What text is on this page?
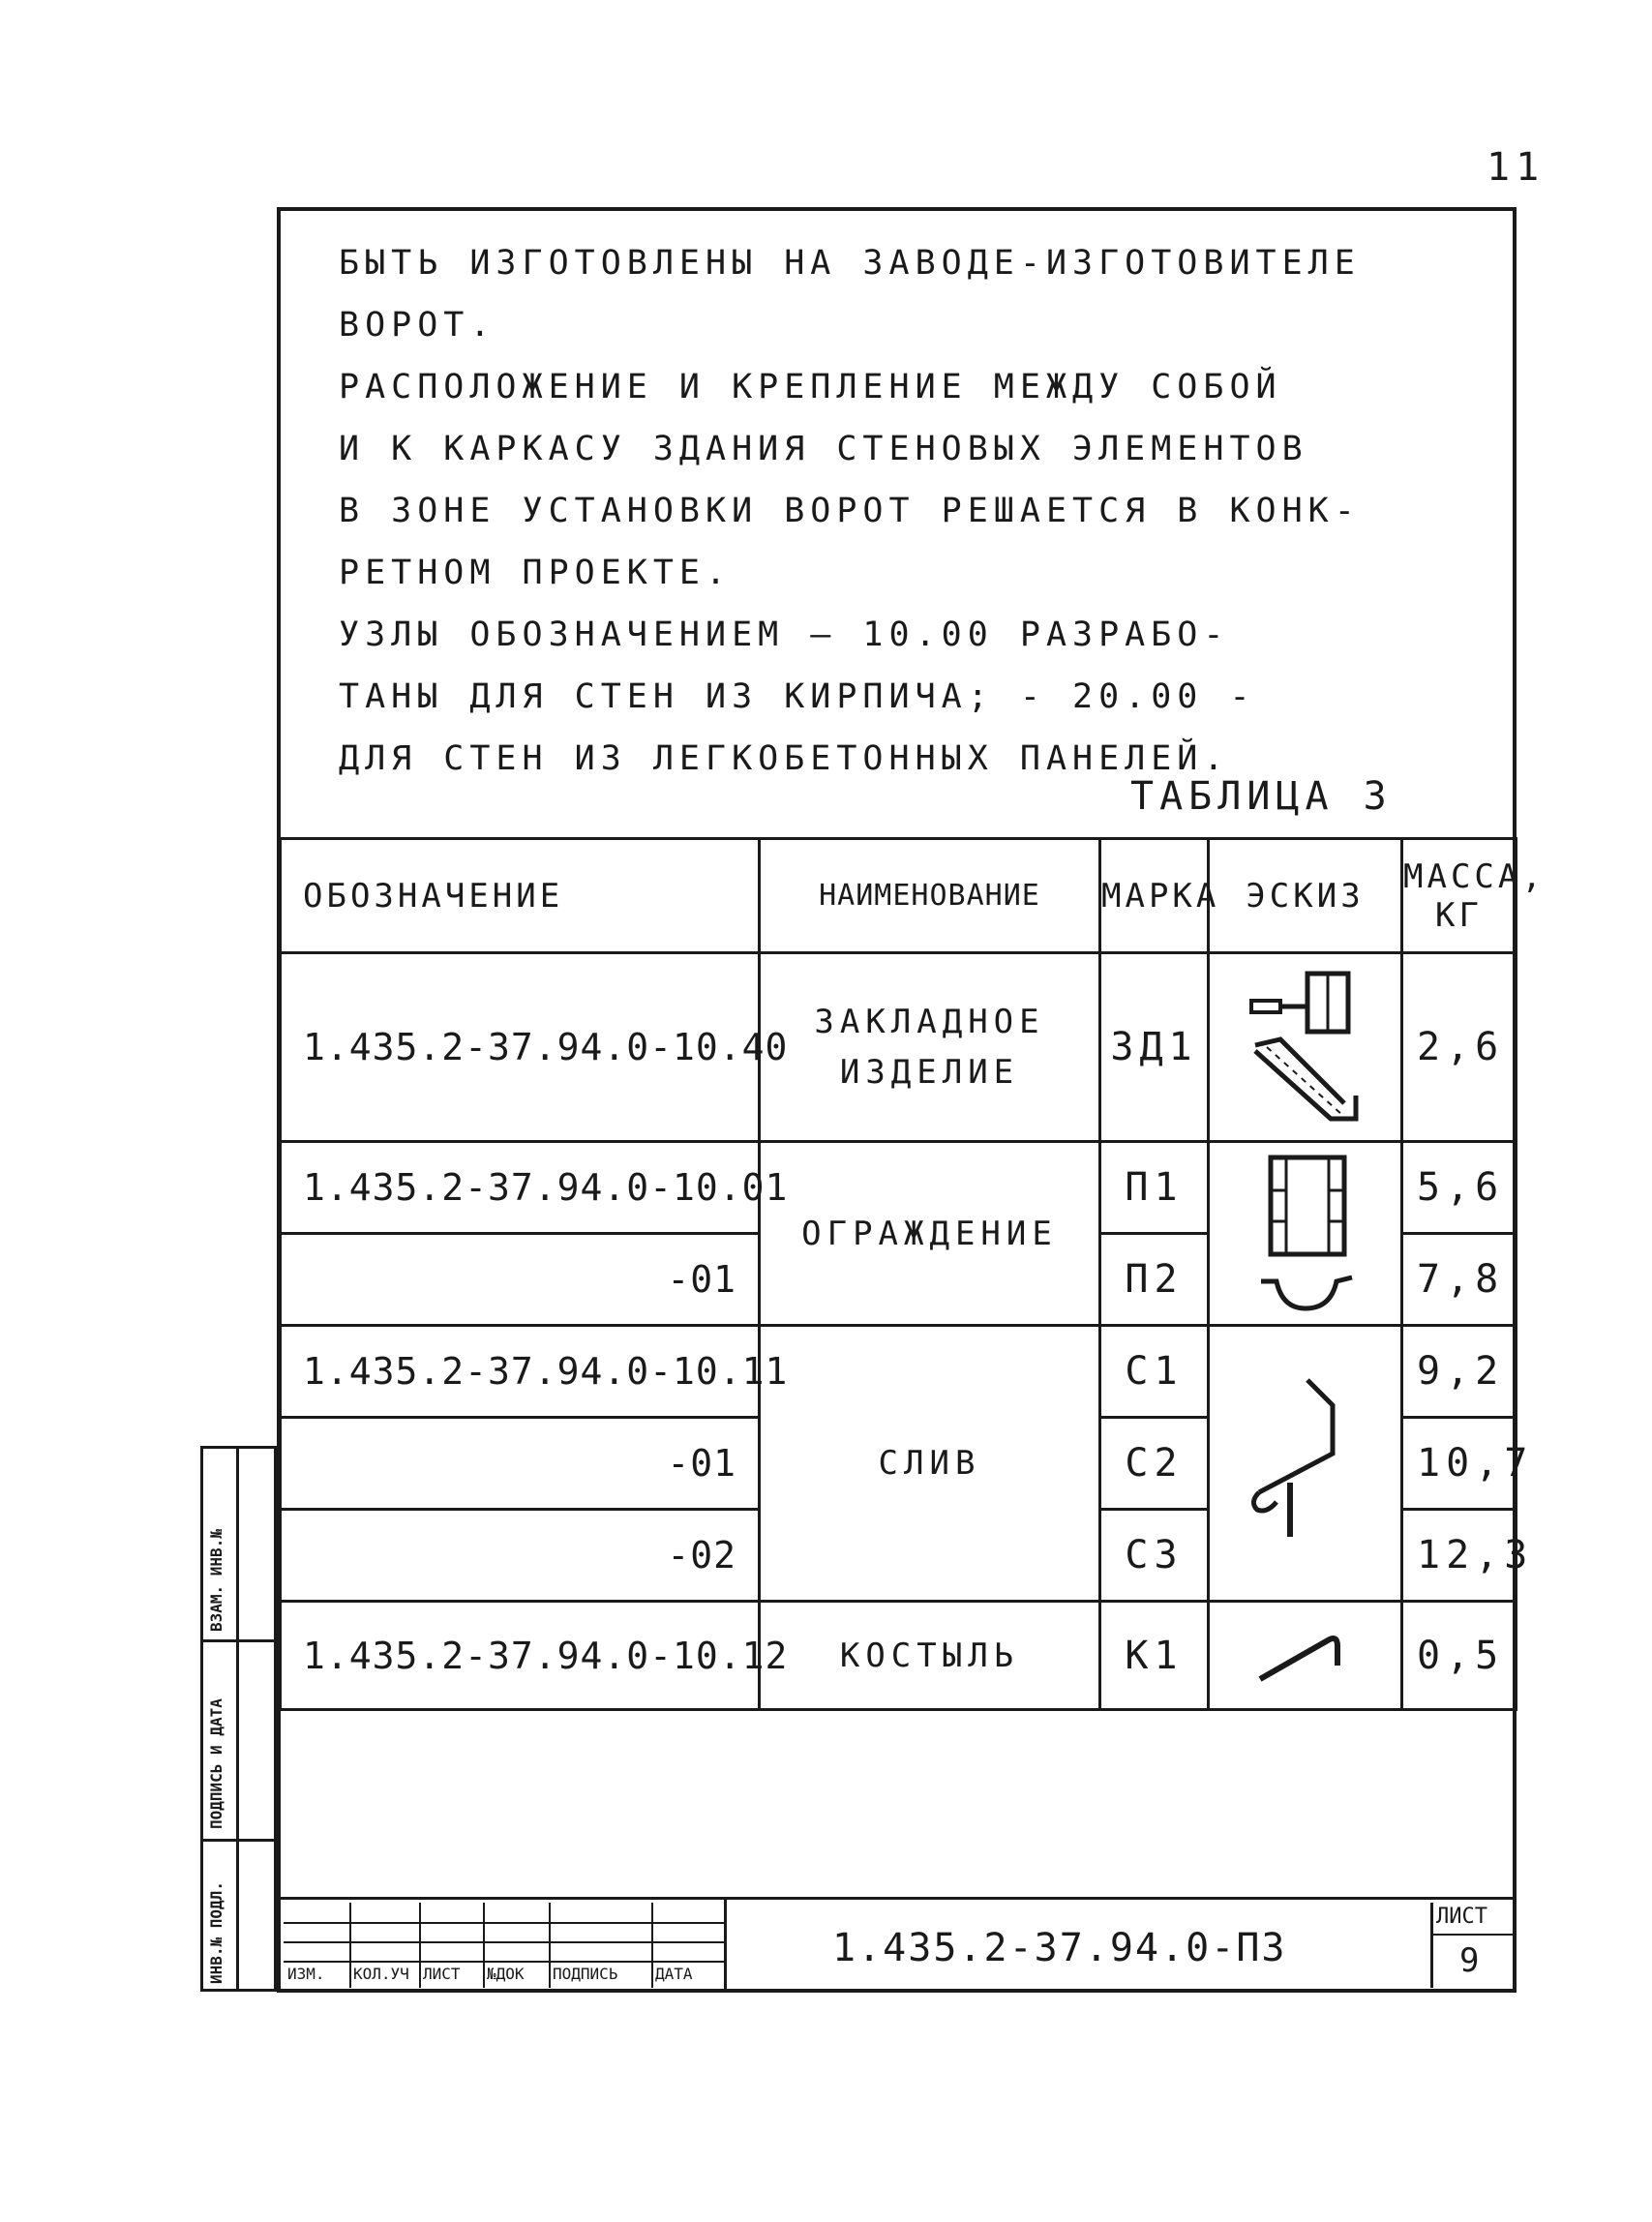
11
БЫТЬ ИЗГОТОВЛЕНЫ НА ЗАВОДЕ-ИЗГОТОВИТЕЛЕ
ВОРОТ.
РАСПОЛОЖЕНИЕ И КРЕПЛЕНИЕ МЕЖДУ СОБОЙ
И К КАРКАСУ ЗДАНИЯ СТЕНОВЫХ ЭЛЕМЕНТОВ
В ЗОНЕ УСТАНОВКИ ВОРОТ РЕШАЕТСЯ В КОНК-
РЕТНОМ ПРОЕКТЕ.
УЗЛЫ ОБОЗНАЧЕНИЕМ — 10.00 РАЗРАБО-
ТАНЫ ДЛЯ СТЕН ИЗ КИРПИЧА; - 20.00 -
ДЛЯ СТЕН ИЗ ЛЕГКОБЕТОННЫХ ПАНЕЛЕЙ.
ТАБЛИЦА 3
ОБОЗНАЧЕНИЕ	НАИМЕНОВАНИЕ	МАРКА	ЭСКИЗ	МАССА, КГ
1.435.2-37.94.0-10.40	ЗАКЛАДНОЕ ИЗДЕЛИЕ	ЗД1		2,6
1.435.2-37.94.0-10.01	ОГРАЖДЕНИЕ	П1		5,6
-01		П2		7,8
1.435.2-37.94.0-10.11	СЛИВ	С1		9,2
-01		С2		10,7
-02		С3		12,3
1.435.2-37.94.0-10.12	КОСТЫЛЬ	К1		0,5
ИЗМ. КОЛ.УЧ ЛИСТ №ДОК ПОДПИСЬ ДАТА
1.435.2-37.94.0-ПЗ
ЛИСТ
9
ИНВ.№ ПОДЛ.
ПОДПИСЬ И ДАТА
ВЗАМ. ИНВ.№
